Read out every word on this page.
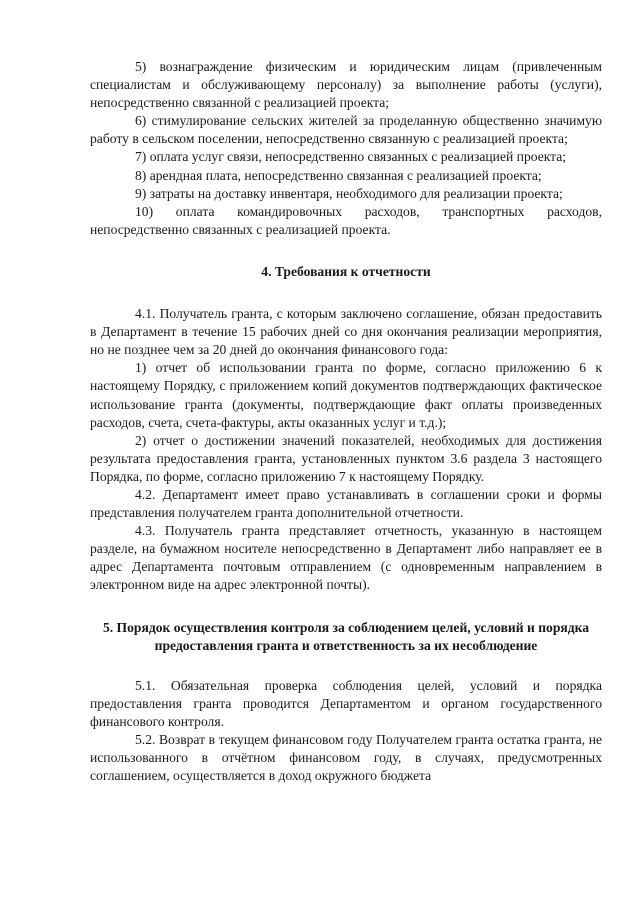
5) вознаграждение физическим и юридическим лицам (привлеченным специалистам и обслуживающему персоналу) за выполнение работы (услуги), непосредственно связанной с реализацией проекта;

6) стимулирование сельских жителей за проделанную общественно значимую работу в сельском поселении, непосредственно связанную с реализацией проекта;

7) оплата услуг связи, непосредственно связанных с реализацией проекта;

8) арендная плата, непосредственно связанная с реализацией проекта;

9) затраты на доставку инвентаря, необходимого для реализации проекта;

10) оплата командировочных расходов, транспортных расходов, непосредственно связанных с реализацией проекта.

4. Требования к отчетности

4.1. Получатель гранта, с которым заключено соглашение, обязан предоставить в Департамент в течение 15 рабочих дней со дня окончания реализации мероприятия, но не позднее чем за 20 дней до окончания финансового года:

1) отчет об использовании гранта по форме, согласно приложению 6 к настоящему Порядку, с приложением копий документов подтверждающих фактическое использование гранта (документы, подтверждающие факт оплаты произведенных расходов, счета, счета-фактуры, акты оказанных услуг и т.д.);

2) отчет о достижении значений показателей, необходимых для достижения результата предоставления гранта, установленных пунктом 3.6 раздела 3 настоящего Порядка, по форме, согласно приложению 7 к настоящему Порядку.

4.2. Департамент имеет право устанавливать в соглашении сроки и формы представления получателем гранта дополнительной отчетности.

4.3. Получатель гранта представляет отчетность, указанную в настоящем разделе, на бумажном носителе непосредственно в Департамент либо направляет ее в адрес Департамента почтовым отправлением (с одновременным направлением в электронном виде на адрес электронной почты).

5. Порядок осуществления контроля за соблюдением целей, условий и порядка предоставления гранта и ответственность за их несоблюдение

5.1. Обязательная проверка соблюдения целей, условий и порядка предоставления гранта проводится Департаментом и органом государственного финансового контроля.

5.2. Возврат в текущем финансовом году Получателем гранта остатка гранта, не использованного в отчётном финансовом году, в случаях, предусмотренных соглашением, осуществляется в доход окружного бюджета
